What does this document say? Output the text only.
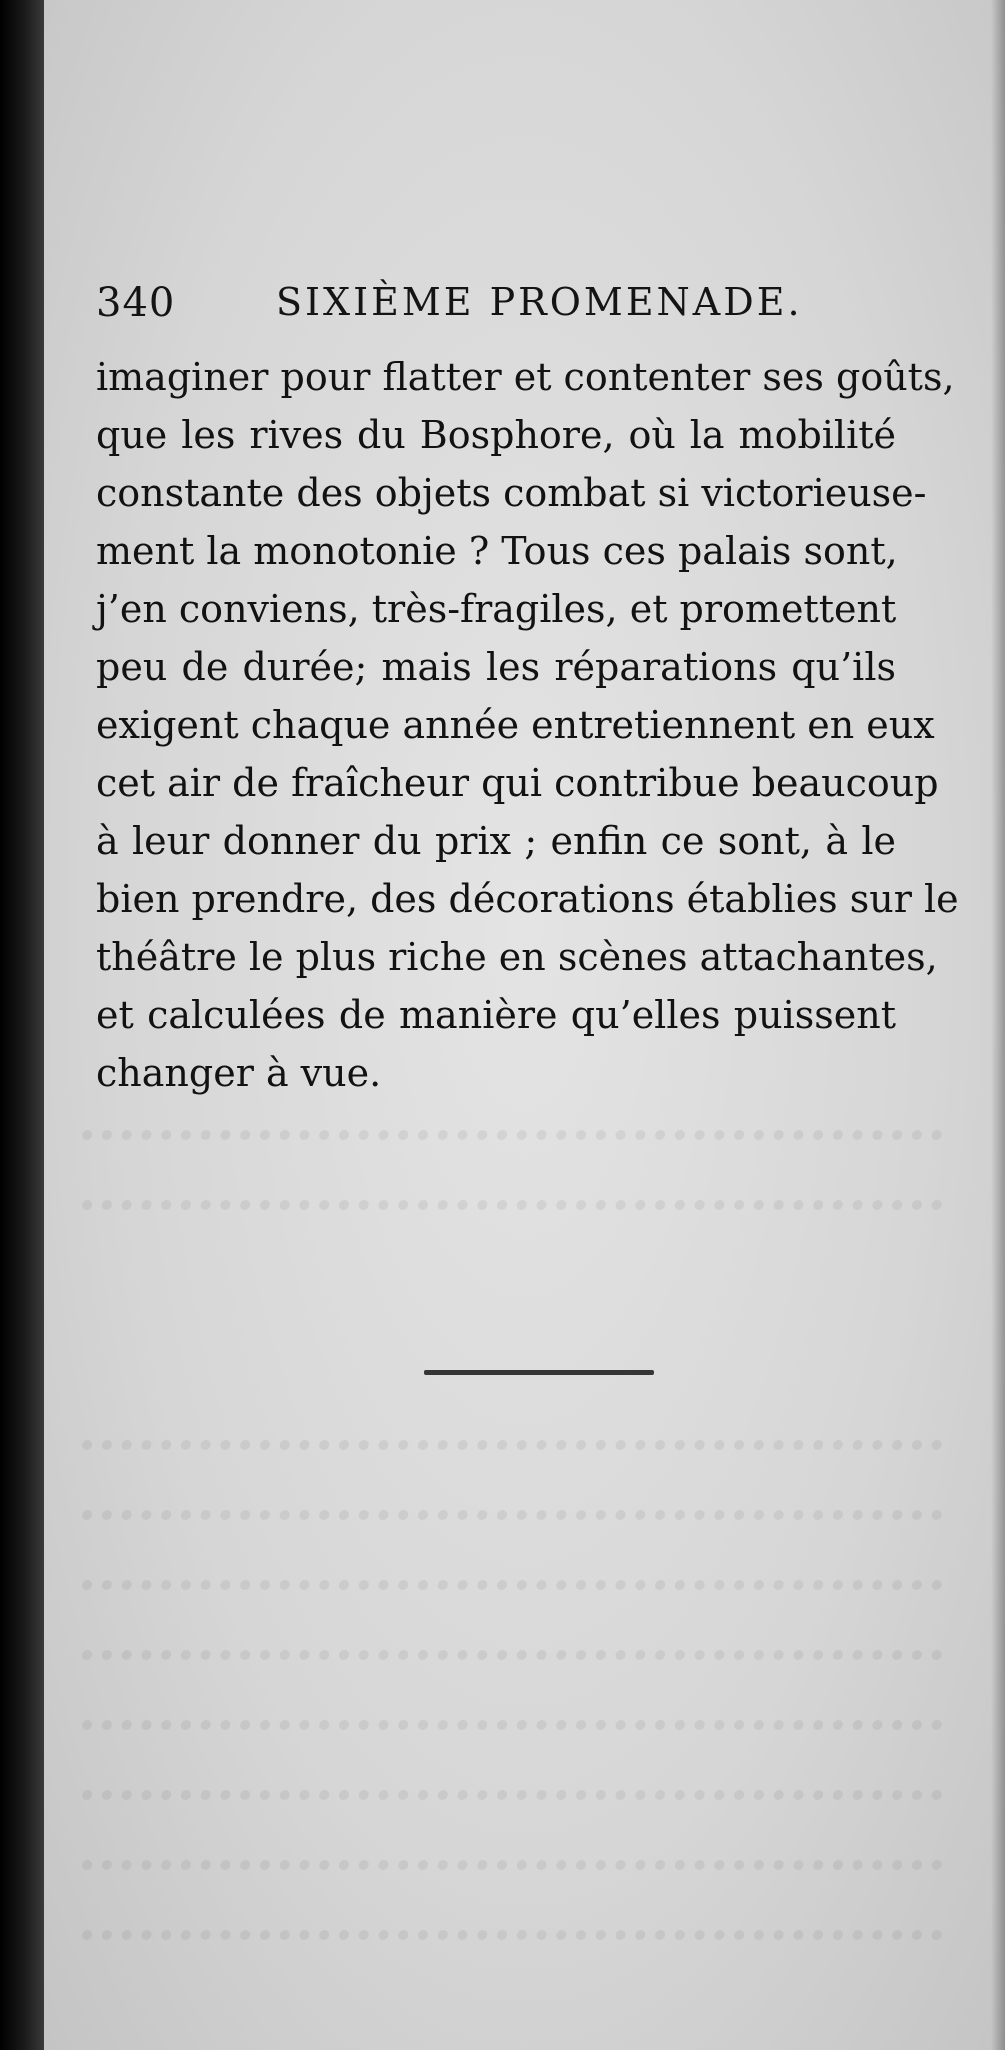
340	SIXIÈME PROMENADE.
imaginer pour flatter et contenter ses goûts,
que les rives du Bosphore, où la mobilité
constante des objets combat si victorieuse-
ment la monotonie ? Tous ces palais sont,
j’en conviens, très-fragiles, et promettent
peu de durée; mais les réparations qu’ils
exigent chaque année entretiennent en eux
cet air de fraîcheur qui contribue beaucoup
à leur donner du prix ; enfin ce sont, à le
bien prendre, des décorations établies sur le
théâtre le plus riche en scènes attachantes,
et calculées de manière qu’elles puissent
changer à vue.
